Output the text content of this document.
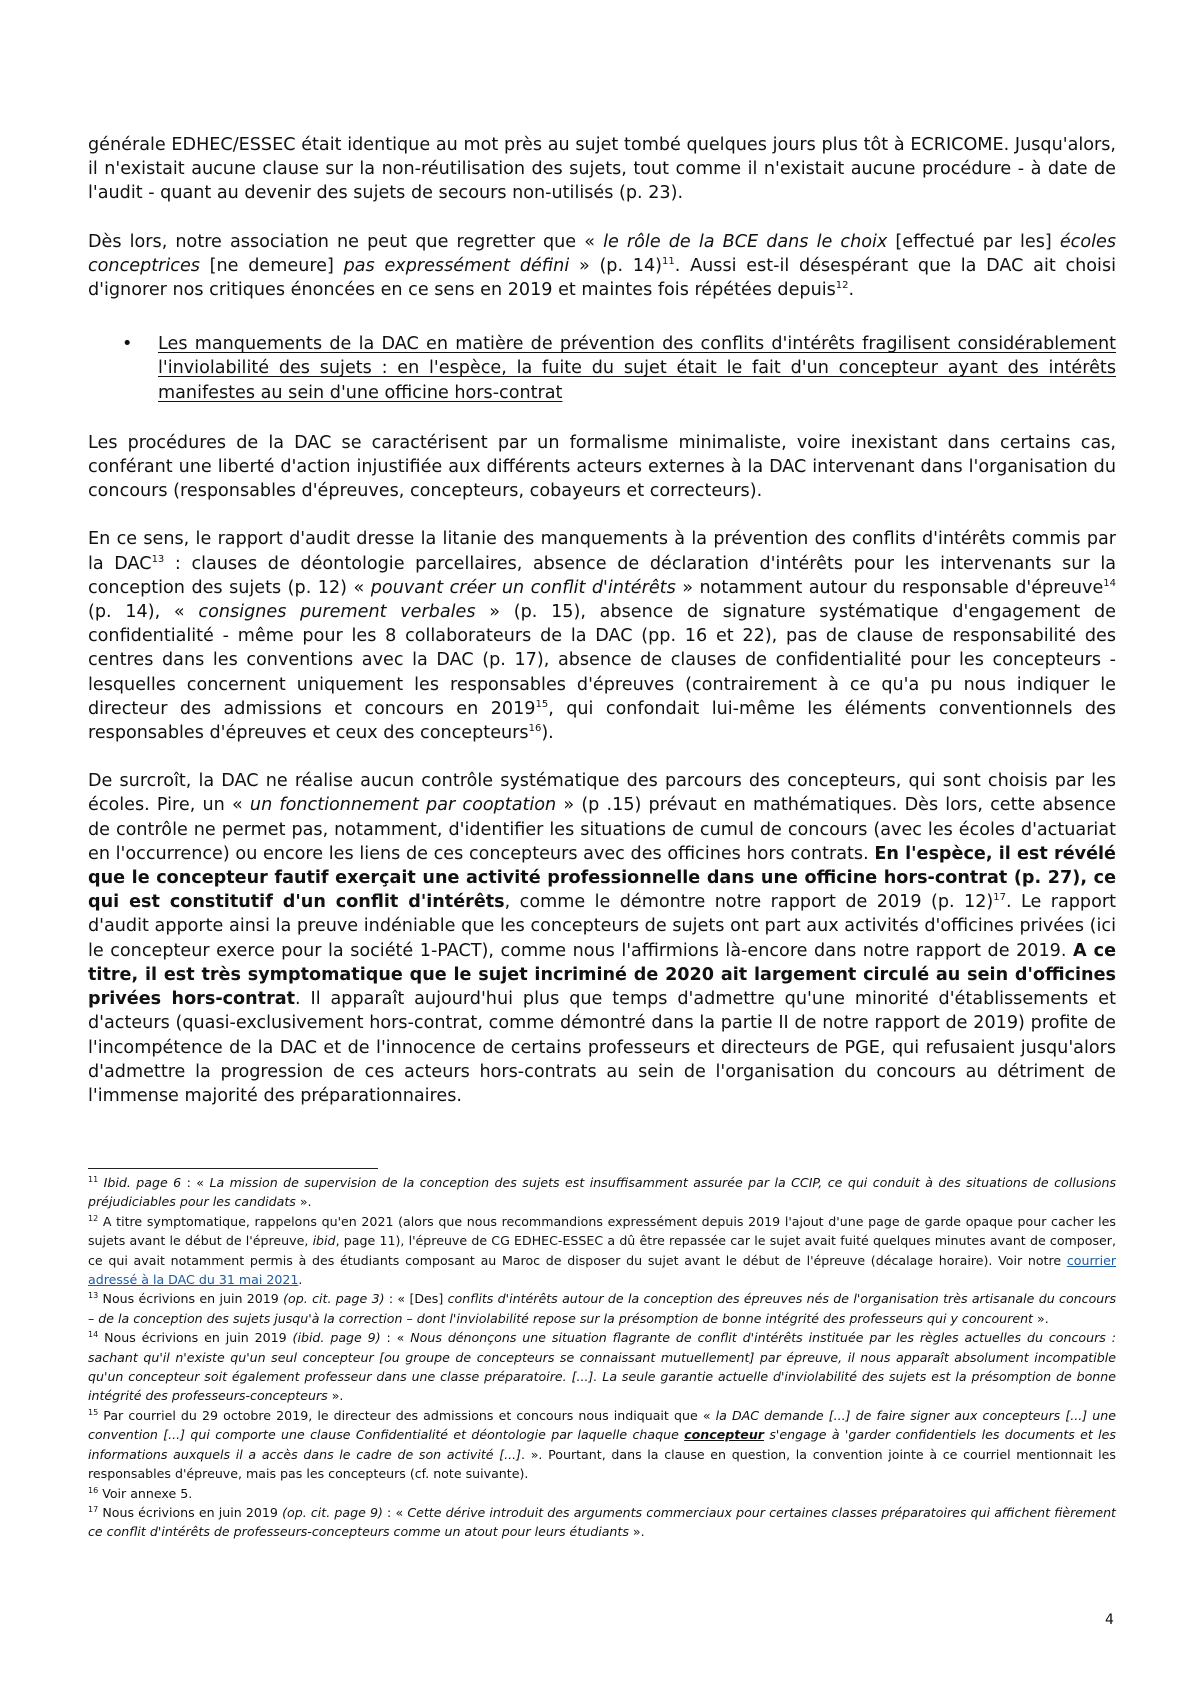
générale EDHEC/ESSEC était identique au mot près au sujet tombé quelques jours plus tôt à ECRICOME. Jusqu'alors, il n'existait aucune clause sur la non-réutilisation des sujets, tout comme il n'existait aucune procédure - à date de l'audit - quant au devenir des sujets de secours non-utilisés (p. 23).

Dès lors, notre association ne peut que regretter que « le rôle de la BCE dans le choix [effectué par les] écoles conceptrices [ne demeure] pas expressément défini » (p. 14)$^{11}$. Aussi est-il désespérant que la DAC ait choisi d'ignorer nos critiques énoncées en ce sens en 2019 et maintes fois répétées depuis$^{12}$.

• Les manquements de la DAC en matière de prévention des conflits d'intérêts fragilisent considérablement l'inviolabilité des sujets : en l'espèce, la fuite du sujet était le fait d'un concepteur ayant des intérêts manifestes au sein d'une officine hors-contrat

Les procédures de la DAC se caractérisent par un formalisme minimaliste, voire inexistant dans certains cas, conférant une liberté d'action injustifiée aux différents acteurs externes à la DAC intervenant dans l'organisation du concours (responsables d'épreuves, concepteurs, cobayeurs et correcteurs).

En ce sens, le rapport d'audit dresse la litanie des manquements à la prévention des conflits d'intérêts commis par la DAC$^{13}$ : clauses de déontologie parcellaires, absence de déclaration d'intérêts pour les intervenants sur la conception des sujets (p. 12) « pouvant créer un conflit d'intérêts » notamment autour du responsable d'épreuve$^{14}$ (p. 14), « consignes purement verbales » (p. 15), absence de signature systématique d'engagement de confidentialité - même pour les 8 collaborateurs de la DAC (pp. 16 et 22), pas de clause de responsabilité des centres dans les conventions avec la DAC (p. 17), absence de clauses de confidentialité pour les concepteurs - lesquelles concernent uniquement les responsables d'épreuves (contrairement à ce qu'a pu nous indiquer le directeur des admissions et concours en 2019$^{15}$, qui confondait lui-même les éléments conventionnels des responsables d'épreuves et ceux des concepteurs$^{16}$).

De surcroît, la DAC ne réalise aucun contrôle systématique des parcours des concepteurs, qui sont choisis par les écoles. Pire, un « un fonctionnement par cooptation » (p .15) prévaut en mathématiques. Dès lors, cette absence de contrôle ne permet pas, notamment, d'identifier les situations de cumul de concours (avec les écoles d'actuariat en l'occurrence) ou encore les liens de ces concepteurs avec des officines hors contrats. En l'espèce, il est révélé que le concepteur fautif exerçait une activité professionnelle dans une officine hors-contrat (p. 27), ce qui est constitutif d'un conflit d'intérêts, comme le démontre notre rapport de 2019 (p. 12)$^{17}$. Le rapport d'audit apporte ainsi la preuve indéniable que les concepteurs de sujets ont part aux activités d'officines privées (ici le concepteur exerce pour la société 1-PACT), comme nous l'affirmions là-encore dans notre rapport de 2019. A ce titre, il est très symptomatique que le sujet incriminé de 2020 ait largement circulé au sein d'officines privées hors-contrat. Il apparaît aujourd'hui plus que temps d'admettre qu'une minorité d'établissements et d'acteurs (quasi-exclusivement hors-contrat, comme démontré dans la partie II de notre rapport de 2019) profite de l'incompétence de la DAC et de l'innocence de certains professeurs et directeurs de PGE, qui refusaient jusqu'alors d'admettre la progression de ces acteurs hors-contrats au sein de l'organisation du concours au détriment de l'immense majorité des préparationnaires.

$^{11}$ Ibid. page 6 : « La mission de supervision de la conception des sujets est insuffisamment assurée par la CCIP, ce qui conduit à des situations de collusions préjudiciables pour les candidats ».

$^{12}$ A titre symptomatique, rappelons qu'en 2021 (alors que nous recommandions expressément depuis 2019 l'ajout d'une page de garde opaque pour cacher les sujets avant le début de l'épreuve, ibid, page 11), l'épreuve de CG EDHEC-ESSEC a dû être repassée car le sujet avait fuité quelques minutes avant de composer, ce qui avait notamment permis à des étudiants composant au Maroc de disposer du sujet avant le début de l'épreuve (décalage horaire). Voir notre courrier adressé à la DAC du 31 mai 2021.

$^{13}$ Nous écrivions en juin 2019 (op. cit. page 3) : « [Des] conflits d'intérêts autour de la conception des épreuves nés de l'organisation très artisanale du concours – de la conception des sujets jusqu'à la correction – dont l'inviolabilité repose sur la présomption de bonne intégrité des professeurs qui y concourent ».

$^{14}$ Nous écrivions en juin 2019 (ibid. page 9) : « Nous dénonçons une situation flagrante de conflit d'intérêts instituée par les règles actuelles du concours : sachant qu'il n'existe qu'un seul concepteur [ou groupe de concepteurs se connaissant mutuellement] par épreuve, il nous apparaît absolument incompatible qu'un concepteur soit également professeur dans une classe préparatoire. [...]. La seule garantie actuelle d'inviolabilité des sujets est la présomption de bonne intégrité des professeurs-concepteurs ».

$^{15}$ Par courriel du 29 octobre 2019, le directeur des admissions et concours nous indiquait que « la DAC demande [...] de faire signer aux concepteurs [...] une convention [...] qui comporte une clause Confidentialité et déontologie par laquelle chaque concepteur s'engage à 'garder confidentiels les documents et les informations auxquels il a accès dans le cadre de son activité [...]. ». Pourtant, dans la clause en question, la convention jointe à ce courriel mentionnait les responsables d'épreuve, mais pas les concepteurs (cf. note suivante).

$^{16}$ Voir annexe 5.

$^{17}$ Nous écrivions en juin 2019 (op. cit. page 9) : « Cette dérive introduit des arguments commerciaux pour certaines classes préparatoires qui affichent fièrement ce conflit d'intérêts de professeurs-concepteurs comme un atout pour leurs étudiants ».

4
